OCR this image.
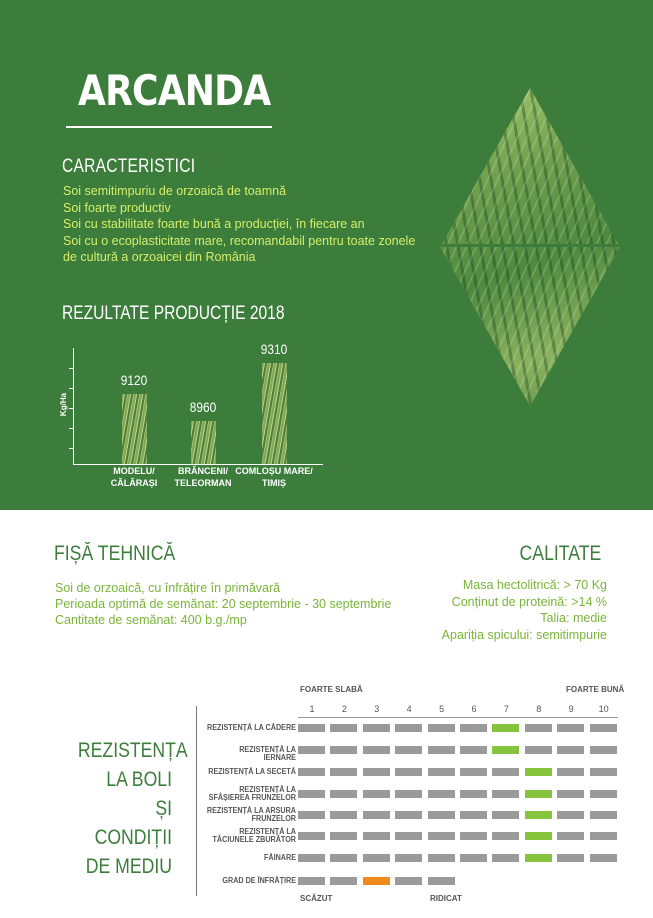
ARCANDA
CARACTERISTICI
Soi semitimpuriu de orzoaică de toamnă
Soi foarte productiv
Soi cu stabilitate foarte bună a producției, în fiecare an
Soi cu o ecoplasticitate mare, recomandabil pentru toate zonele
de cultură a orzoaicei din România
REZULTATE PRODUCȚIE 2018
Kg/Ha
9120
MODELU/
CĂLĂRAȘI
8960
BRĂNCENI/
TELEORMAN
9310
COMLOȘU MARE/
TIMIȘ
FIȘĂ TEHNICĂ
Soi de orzoaică, cu înfrățire în primăvară
Perioada optimă de semănat: 20 septembrie - 30 septembrie
Cantitate de semănat: 400 b.g./mp
CALITATE
Masa hectolitrică: > 70 Kg
Conținut de proteină: >14 %
Talia: medie
Apariția spicului: semitimpurie
REZISTENȚA
LA BOLI
ȘI CONDIȚII
DE MEDIU
FOARTE SLABĂ	FOARTE BUNĂ
1	2	3	4	5	6	7	8	9	10
REZISTENȚĂ LA CĂDERE
REZISTENȚĂ LA IERNARE
REZISTENȚĂ LA SECETĂ
REZISTENȚĂ LA
SFÂȘIEREA FRUNZELOR
REZISTENȚĂ LA ARSURA
FRUNZELOR
REZISTENȚĂ LA
TĂCIUNELE ZBURĂTOR
FĂINARE
GRAD DE ÎNFRĂȚIRE
SCĂZUT	RIDICAT
